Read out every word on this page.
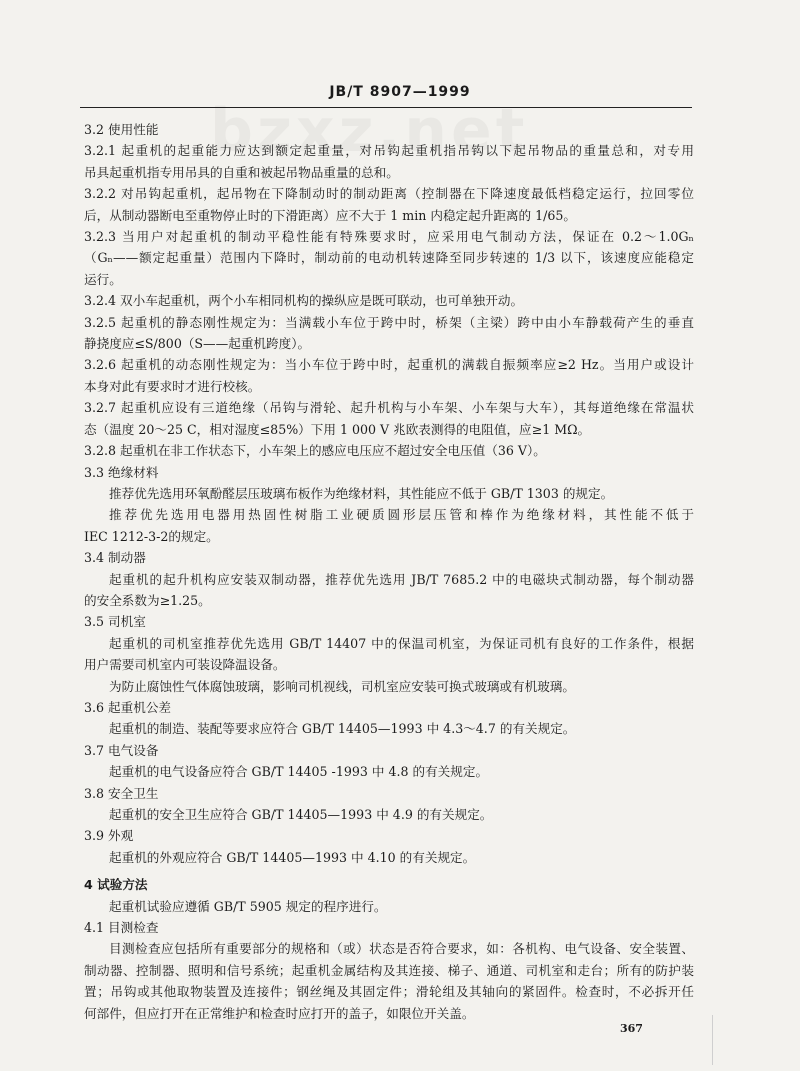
JB/T 8907—1999
3.2 使用性能
3.2.1 起重机的起重能力应达到额定起重量，对吊钩起重机指吊钩以下起吊物品的重量总和，对专用
吊具起重机指专用吊具的自重和被起吊物品重量的总和。
3.2.2 对吊钩起重机，起吊物在下降制动时的制动距离（控制器在下降速度最低档稳定运行，拉回零位
后，从制动器断电至重物停止时的下滑距离）应不大于 1 min 内稳定起升距离的 1/65。
3.2.3 当用户对起重机的制动平稳性能有特殊要求时，应采用电气制动方法，保证在 0.2～1.0Gₙ
（Gₙ——额定起重量）范围内下降时，制动前的电动机转速降至同步转速的 1/3 以下，该速度应能稳定
运行。
3.2.4 双小车起重机，两个小车相同机构的操纵应是既可联动，也可单独开动。
3.2.5 起重机的静态刚性规定为：当满载小车位于跨中时，桥架（主梁）跨中由小车静载荷产生的垂直
静挠度应≤S/800（S——起重机跨度）。
3.2.6 起重机的动态刚性规定为：当小车位于跨中时，起重机的满载自振频率应≥2 Hz。当用户或设计
本身对此有要求时才进行校核。
3.2.7 起重机应设有三道绝缘（吊钩与滑轮、起升机构与小车架、小车架与大车），其每道绝缘在常温状
态（温度 20～25 C，相对湿度≤85%）下用 1 000 V 兆欧表测得的电阻值，应≥1 MΩ。
3.2.8 起重机在非工作状态下，小车架上的感应电压应不超过安全电压值（36 V）。
3.3 绝缘材料
推荐优先选用环氧酚醛层压玻璃布板作为绝缘材料，其性能应不低于 GB/T 1303 的规定。
推荐优先选用电器用热固性树脂工业硬质圆形层压管和棒作为绝缘材料，其性能不低于
IEC 1212-3-2的规定。
3.4 制动器
起重机的起升机构应安装双制动器，推荐优先选用 JB/T 7685.2 中的电磁块式制动器，每个制动器
的安全系数为≥1.25。
3.5 司机室
起重机的司机室推荐优先选用 GB/T 14407 中的保温司机室，为保证司机有良好的工作条件，根据
用户需要司机室内可装设降温设备。
为防止腐蚀性气体腐蚀玻璃，影响司机视线，司机室应安装可换式玻璃或有机玻璃。
3.6 起重机公差
起重机的制造、装配等要求应符合 GB/T 14405—1993 中 4.3～4.7 的有关规定。
3.7 电气设备
起重机的电气设备应符合 GB/T 14405 -1993 中 4.8 的有关规定。
3.8 安全卫生
起重机的安全卫生应符合 GB/T 14405—1993 中 4.9 的有关规定。
3.9 外观
起重机的外观应符合 GB/T 14405—1993 中 4.10 的有关规定。
4 试验方法
起重机试验应遵循 GB/T 5905 规定的程序进行。
4.1 目测检查
目测检查应包括所有重要部分的规格和（或）状态是否符合要求，如：各机构、电气设备、安全装置、
制动器、控制器、照明和信号系统；起重机金属结构及其连接、梯子、通道、司机室和走台；所有的防护装
置；吊钩或其他取物装置及连接件；钢丝绳及其固定件；滑轮组及其轴向的紧固件。检查时，不必拆开任
何部件，但应打开在正常维护和检查时应打开的盖子，如限位开关盖。
367
